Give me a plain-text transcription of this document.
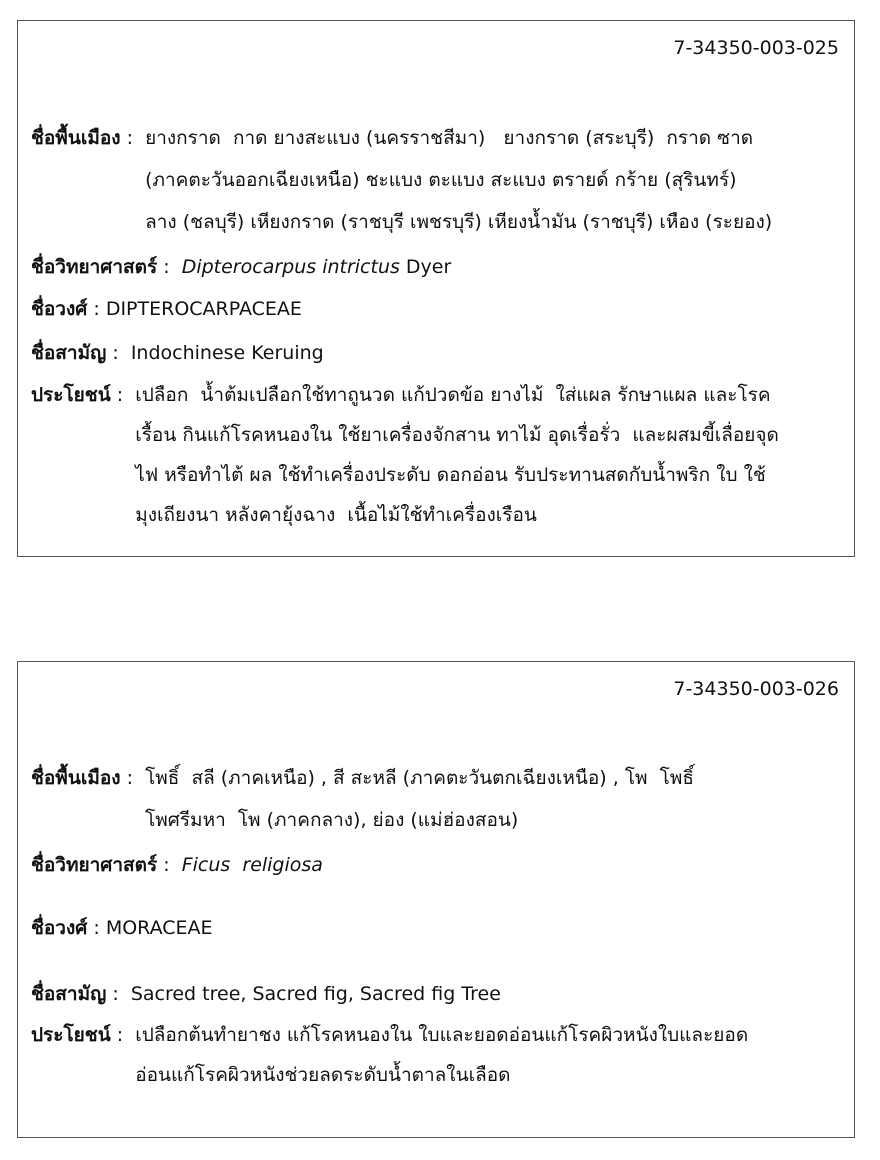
7-34350-003-025
ชื่อพื้นเมือง : ยางกราด  กาด ยางสะแบง (นครราชสีมา)   ยางกราด (สระบุรี)  กราด ซาด
(ภาคตะวันออกเฉียงเหนือ) ชะแบง ตะแบง สะแบง ตรายด์ กร้าย (สุรินทร์)
ลาง (ชลบุรี) เหียงกราด (ราชบุรี เพชรบุรี) เหียงน้ำมัน (ราชบุรี) เหือง (ระยอง)
ชื่อวิทยาศาสตร์ : Dipterocarpus intrictus Dyer
ชื่อวงศ์ : DIPTEROCARPACEAE
ชื่อสามัญ : Indochinese Keruing
ประโยชน์ : เปลือก  น้ำต้มเปลือกใช้ทาถูนวด แก้ปวดข้อ ยางไม้  ใส่แผล รักษาแผล และโรค
เรื้อน กินแก้โรคหนองใน ใช้ยาเครื่องจักสาน ทาไม้ อุดเรื่อรั่ว  และผสมขี้เลื่อยจุด
ไฟ หรือทำไต้ ผล ใช้ทำเครื่องประดับ ดอกอ่อน รับประทานสดกับน้ำพริก ใบ ใช้
มุงเถียงนา หลังคายุ้งฉาง  เนื้อไม้ใช้ทำเครื่องเรือน
7-34350-003-026
ชื่อพื้นเมือง : โพธิ์  สลี (ภาคเหนือ) , สี สะหลี (ภาคตะวันตกเฉียงเหนือ) , โพ  โพธิ์
โพศรีมหา  โพ (ภาคกลาง), ย่อง (แม่ฮ่องสอน)
ชื่อวิทยาศาสตร์ : Ficus  religiosa
ชื่อวงศ์ : MORACEAE
ชื่อสามัญ : Sacred tree, Sacred fig, Sacred fig Tree
ประโยชน์ : เปลือกต้นทำยาชง แก้โรคหนองใน ใบและยอดอ่อนแก้โรคผิวหนังใบและยอด
อ่อนแก้โรคผิวหนังช่วยลดระดับน้ำตาลในเลือด
